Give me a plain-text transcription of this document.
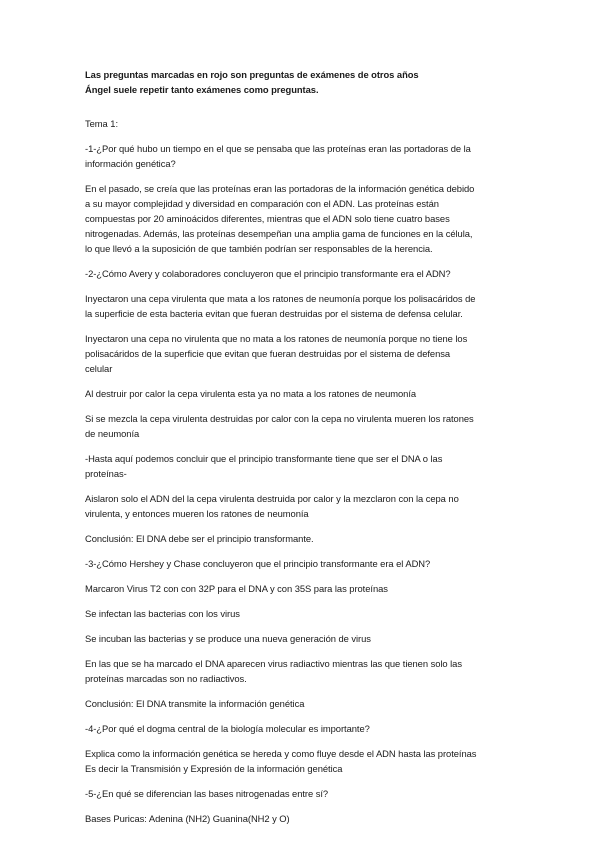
Las preguntas marcadas en rojo son preguntas de exámenes de otros años

Ángel suele repetir tanto exámenes como preguntas.

Tema 1:

-1-¿Por qué hubo un tiempo en el que se pensaba que las proteínas eran las portadoras de la

información genética?

En el pasado, se creía que las proteínas eran las portadoras de la información genética debido

a su mayor complejidad y diversidad en comparación con el ADN. Las proteínas están

compuestas por 20 aminoácidos diferentes, mientras que el ADN solo tiene cuatro bases

nitrogenadas. Además, las proteínas desempeñan una amplia gama de funciones en la célula,

lo que llevó a la suposición de que también podrían ser responsables de la herencia.

-2-¿Cómo Avery y colaboradores concluyeron que el principio transformante era el ADN?

Inyectaron una cepa virulenta que mata a los ratones de neumonía porque los polisacáridos de

la superficie de esta bacteria evitan que fueran destruidas por el sistema de defensa celular.

Inyectaron una cepa no virulenta que no mata a los ratones de neumonía porque no tiene los

polisacáridos de la superficie que evitan que fueran destruidas por el sistema de defensa

celular

Al destruir por calor la cepa virulenta esta ya no mata a los ratones de neumonía

Si se mezcla la cepa virulenta destruidas por calor con la cepa no virulenta mueren los ratones

de neumonía

-Hasta aquí podemos concluir que el principio transformante tiene que ser el DNA o las

proteínas-

Aislaron solo el ADN del la cepa virulenta destruida por calor y la mezclaron con la cepa no

virulenta, y entonces mueren los ratones de neumonía

Conclusión: El DNA debe ser el principio transformante.

-3-¿Cómo Hershey y Chase concluyeron que el principio transformante era el ADN?

Marcaron Virus T2 con con 32P para el DNA y con 35S para las proteínas

Se infectan las bacterias con los virus

Se incuban las bacterias y se produce una nueva generación de virus

En las que se ha marcado el DNA aparecen virus radiactivo mientras las que tienen solo las

proteínas marcadas son no radiactivos.

Conclusión: El DNA transmite la información genética

-4-¿Por qué el dogma central de la biología molecular es importante?

Explica como la información genética se hereda y como fluye desde el ADN hasta las proteínas

Es decir la Transmisión y Expresión de la información genética

-5-¿En qué se diferencian las bases nitrogenadas entre sí?

Bases Puricas: Adenina (NH2) Guanina(NH2 y O)
